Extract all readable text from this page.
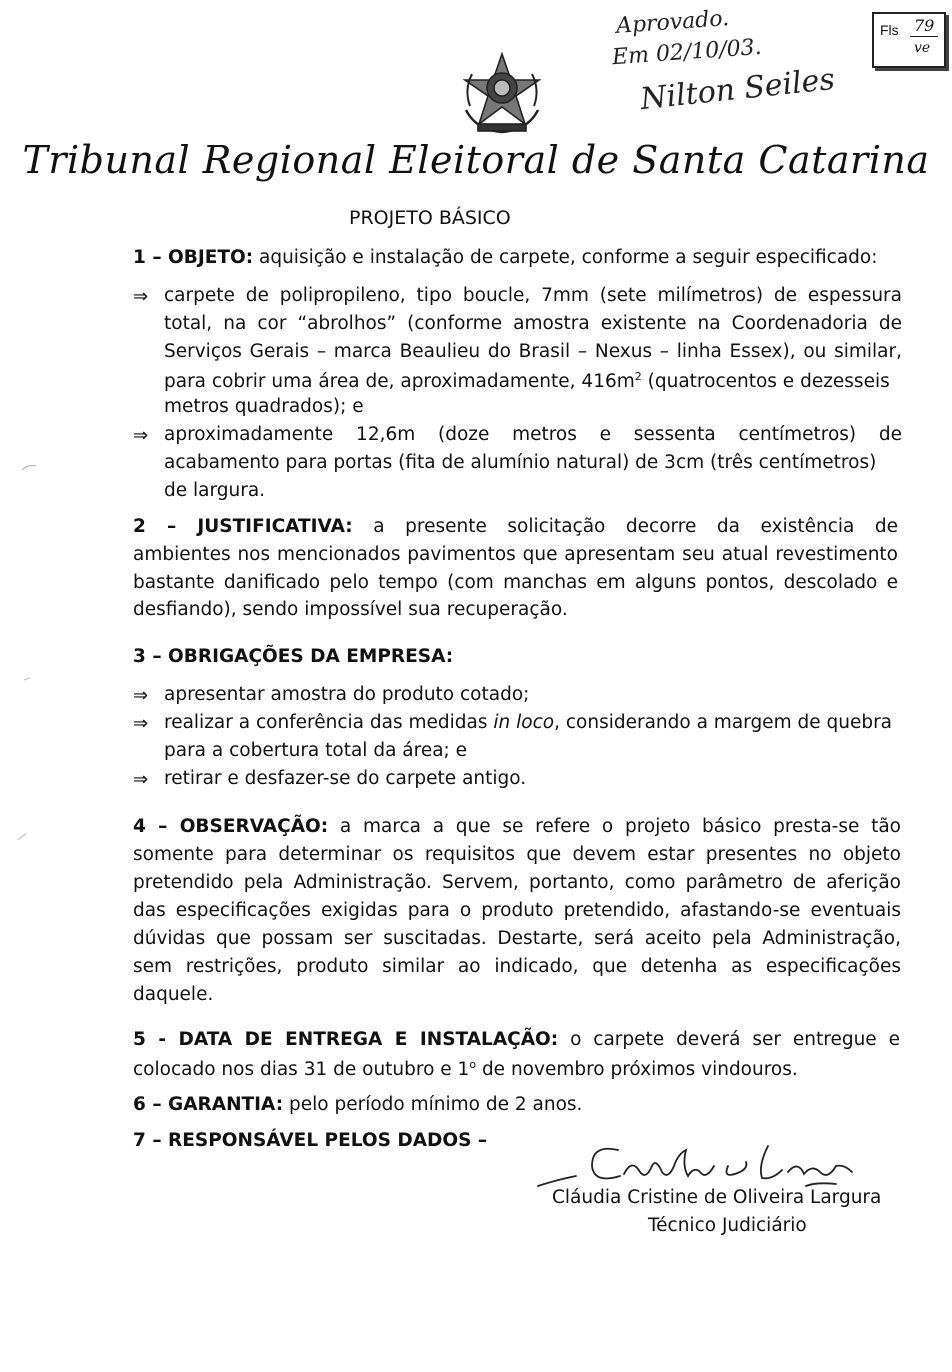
Aprovado.
Em 02/10/03.
Nilton Seiles
Fls 79
ve
Tribunal Regional Eleitoral de Santa Catarina
PROJETO BÁSICO
1 – OBJETO: aquisição e instalação de carpete, conforme a seguir especificado:
⇒ carpete de polipropileno, tipo boucle, 7mm (sete milímetros) de espessura
total, na cor “abrolhos” (conforme amostra existente na Coordenadoria de
Serviços Gerais – marca Beaulieu do Brasil – Nexus – linha Essex), ou similar,
para cobrir uma área de, aproximadamente, $416m^2$ (quatrocentos e dezesseis
metros quadrados); e
⇒ aproximadamente 12,6m (doze metros e sessenta centímetros) de
acabamento para portas (fita de alumínio natural) de 3cm (três centímetros)
de largura.
2 – JUSTIFICATIVA: a presente solicitação decorre da existência de
ambientes nos mencionados pavimentos que apresentam seu atual revestimento
bastante danificado pelo tempo (com manchas em alguns pontos, descolado e
desfiando), sendo impossível sua recuperação.
3 – OBRIGAÇÕES DA EMPRESA:
⇒ apresentar amostra do produto cotado;
⇒ realizar a conferência das medidas in loco, considerando a margem de quebra
para a cobertura total da área; e
⇒ retirar e desfazer-se do carpete antigo.
4 – OBSERVAÇÃO: a marca a que se refere o projeto básico presta-se tão
somente para determinar os requisitos que devem estar presentes no objeto
pretendido pela Administração. Servem, portanto, como parâmetro de aferição
das especificações exigidas para o produto pretendido, afastando-se eventuais
dúvidas que possam ser suscitadas. Destarte, será aceito pela Administração,
sem restrições, produto similar ao indicado, que detenha as especificações
daquele.
5 - DATA DE ENTREGA E INSTALAÇÃO: o carpete deverá ser entregue e
colocado nos dias 31 de outubro e 1$^o$ de novembro próximos vindouros.
6 – GARANTIA: pelo período mínimo de 2 anos.
7 – RESPONSÁVEL PELOS DADOS –
Cláudia Cristine de Oliveira Largura
Técnico Judiciário
